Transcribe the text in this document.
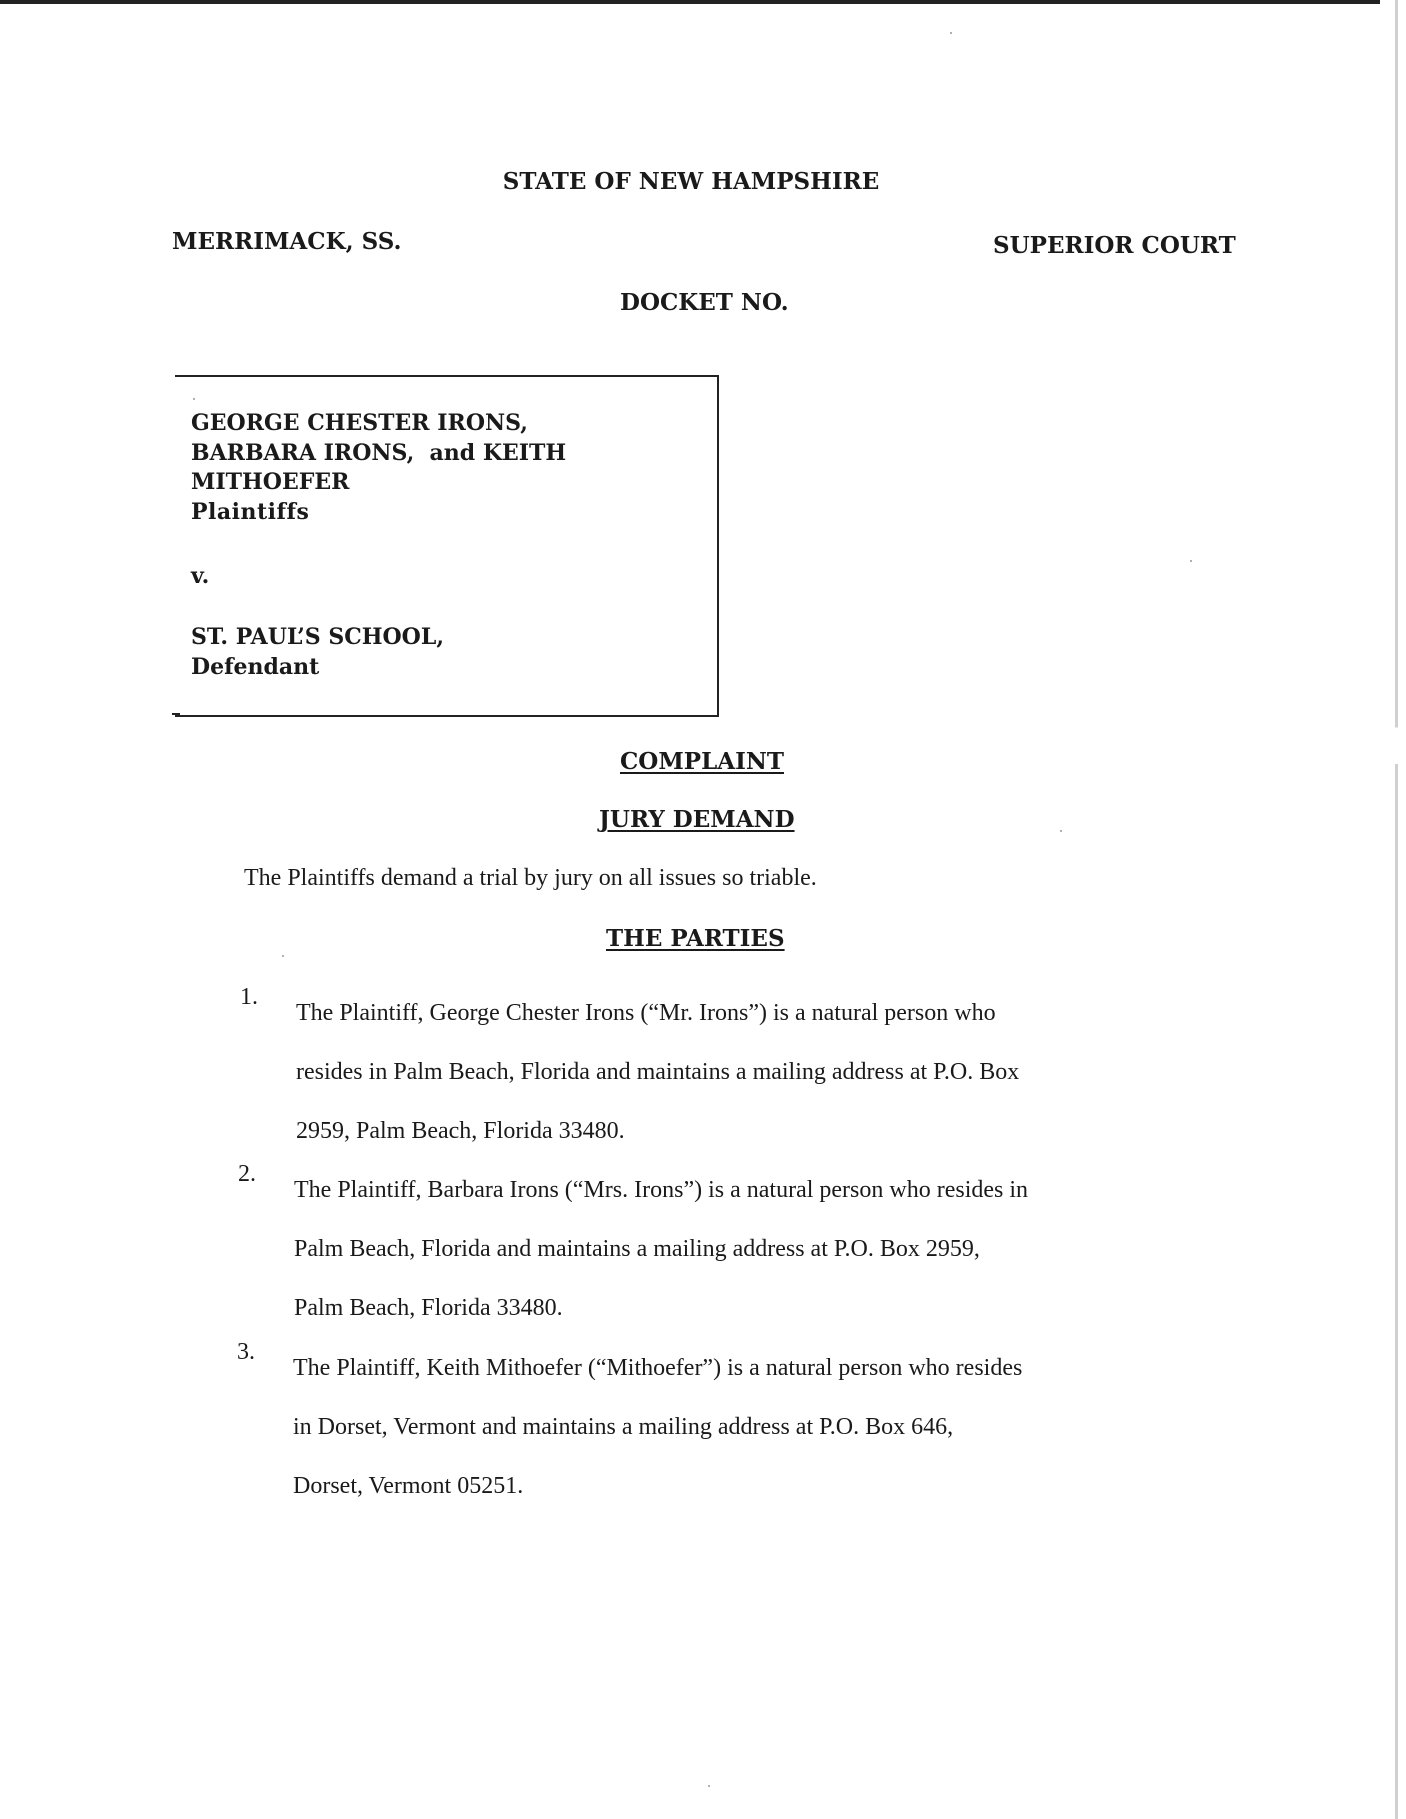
STATE OF NEW HAMPSHIRE
MERRIMACK, SS.	SUPERIOR COURT
DOCKET NO.
GEORGE CHESTER IRONS,
BARBARA IRONS,  and KEITH
MITHOEFER
Plaintiffs
v.
ST. PAUL’S SCHOOL,
Defendant
COMPLAINT
JURY DEMAND
The Plaintiffs demand a trial by jury on all issues so triable.
THE PARTIES
1.
The Plaintiff, George Chester Irons (“Mr. Irons”) is a natural person who
resides in Palm Beach, Florida and maintains a mailing address at P.O. Box
2959, Palm Beach, Florida 33480.
2.
The Plaintiff, Barbara Irons (“Mrs. Irons”) is a natural person who resides in
Palm Beach, Florida and maintains a mailing address at P.O. Box 2959,
Palm Beach, Florida 33480.
3.
The Plaintiff, Keith Mithoefer (“Mithoefer”) is a natural person who resides
in Dorset, Vermont and maintains a mailing address at P.O. Box 646,
Dorset, Vermont 05251.
